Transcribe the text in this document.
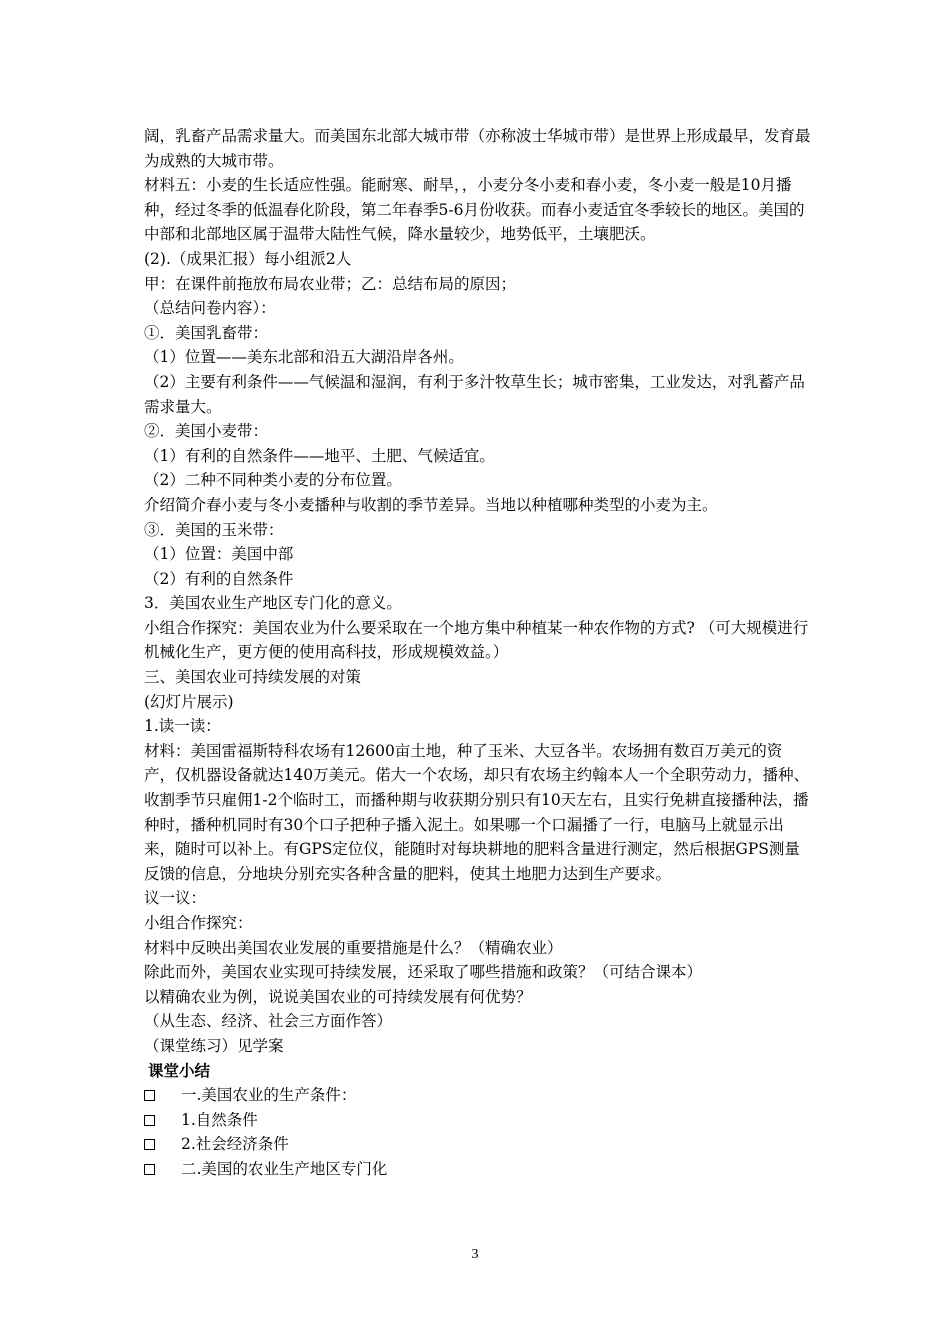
阔，乳畜产品需求量大。而美国东北部大城市带（亦称波士华城市带）是世界上形成最早，发育最为成熟的大城市带。

材料五：小麦的生长适应性强。能耐寒、耐旱，，小麦分冬小麦和春小麦，冬小麦一般是10月播种，经过冬季的低温春化阶段，第二年春季5-6月份收获。而春小麦适宜冬季较长的地区。美国的中部和北部地区属于温带大陆性气候，降水量较少，地势低平，土壤肥沃。

(2).（成果汇报）每小组派2人

甲：在课件前拖放布局农业带；乙：总结布局的原因；

（总结问卷内容）：

①．美国乳畜带：

（1）位置——美东北部和沿五大湖沿岸各州。

（2）主要有利条件——气候温和湿润，有利于多汁牧草生长；城市密集，工业发达，对乳蓄产品需求量大。

②．美国小麦带：

（1）有利的自然条件——地平、土肥、气候适宜。

（2）二种不同种类小麦的分布位置。

介绍简介春小麦与冬小麦播种与收割的季节差异。当地以种植哪种类型的小麦为主。

③．美国的玉米带：

（1）位置：美国中部

（2）有利的自然条件

3．美国农业生产地区专门化的意义。

小组合作探究：美国农业为什么要采取在一个地方集中种植某一种农作物的方式? （可大规模进行机械化生产，更方便的使用高科技，形成规模效益。）

三、美国农业可持续发展的对策

(幻灯片展示)

1.读一读：

材料：美国雷福斯特科农场有12600亩土地，种了玉米、大豆各半。农场拥有数百万美元的资产，仅机器设备就达140万美元。偌大一个农场，却只有农场主约翰本人一个全职劳动力，播种、收割季节只雇佣1-2个临时工，而播种期与收获期分别只有10天左右，且实行免耕直接播种法，播种时，播种机同时有30个口子把种子播入泥土。如果哪一个口漏播了一行，电脑马上就显示出来，随时可以补上。有GPS定位仪，能随时对每块耕地的肥料含量进行测定，然后根据GPS测量反馈的信息，分地块分别充实各种含量的肥料，使其土地肥力达到生产要求。

议一议：

小组合作探究：

材料中反映出美国农业发展的重要措施是什么？（精确农业）

除此而外，美国农业实现可持续发展，还采取了哪些措施和政策？（可结合课本）

以精确农业为例，说说美国农业的可持续发展有何优势？

（从生态、经济、社会三方面作答）

（课堂练习）见学案

课堂小结

一.美国农业的生产条件：

1.自然条件

2.社会经济条件

二.美国的农业生产地区专门化

3
